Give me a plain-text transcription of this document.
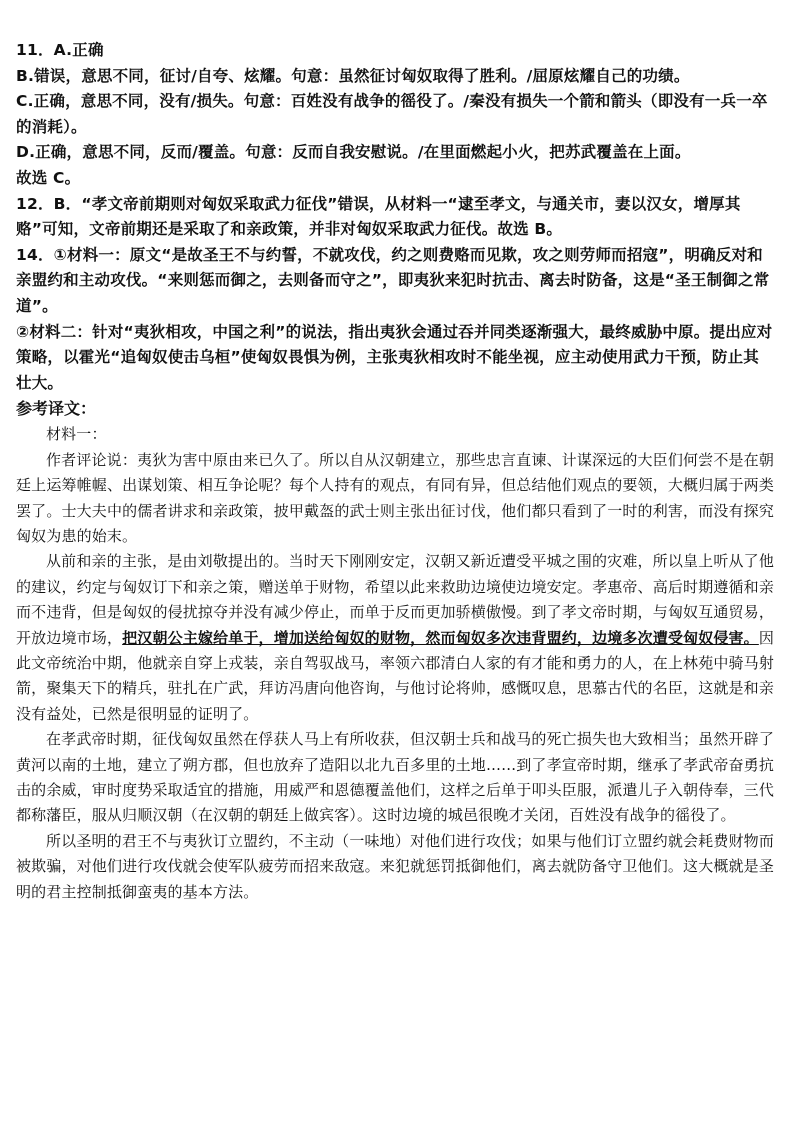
11．A.正确

B.错误，意思不同，征讨/自夸、炫耀。句意：虽然征讨匈奴取得了胜利。/屈原炫耀自己的功绩。

C.正确，意思不同，没有/损失。句意：百姓没有战争的徭役了。/秦没有损失一个箭和箭头（即没有一兵一卒的消耗）。

D.正确，意思不同，反而/覆盖。句意：反而自我安慰说。/在里面燃起小火，把苏武覆盖在上面。

故选 C。

12．B．“孝文帝前期则对匈奴采取武力征伐”错误，从材料一“逮至孝文，与通关市，妻以汉女，增厚其赂”可知，文帝前期还是采取了和亲政策，并非对匈奴采取武力征伐。故选 B。

14．①材料一：原文“是故圣王不与约誓，不就攻伐，约之则费赂而见欺，攻之则劳师而招寇”，明确反对和亲盟约和主动攻伐。“来则惩而御之，去则备而守之”，即夷狄来犯时抗击、离去时防备，这是“圣王制御之常道”。

②材料二：针对“夷狄相攻，中国之利”的说法，指出夷狄会通过吞并同类逐渐强大，最终威胁中原。提出应对策略，以霍光“追匈奴使击乌桓”使匈奴畏惧为例，主张夷狄相攻时不能坐视，应主动使用武力干预，防止其壮大。

参考译文：

材料一：

作者评论说：夷狄为害中原由来已久了。所以自从汉朝建立，那些忠言直谏、计谋深远的大臣们何尝不是在朝廷上运筹帷幄、出谋划策、相互争论呢？每个人持有的观点，有同有异，但总结他们观点的要领，大概归属于两类罢了。士大夫中的儒者讲求和亲政策，披甲戴盔的武士则主张出征讨伐，他们都只看到了一时的利害，而没有探究匈奴为患的始末。

从前和亲的主张，是由刘敬提出的。当时天下刚刚安定，汉朝又新近遭受平城之围的灾难，所以皇上听从了他的建议，约定与匈奴订下和亲之策，赠送单于财物，希望以此来救助边境使边境安定。孝惠帝、高后时期遵循和亲而不违背，但是匈奴的侵扰掠夺并没有减少停止，而单于反而更加骄横傲慢。到了孝文帝时期，与匈奴互通贸易，开放边境市场，把汉朝公主嫁给单于，增加送给匈奴的财物，然而匈奴多次违背盟约，边境多次遭受匈奴侵害。因此文帝统治中期，他就亲自穿上戎装，亲自驾驭战马，率领六郡清白人家的有才能和勇力的人，在上林苑中骑马射箭，聚集天下的精兵，驻扎在广武，拜访冯唐向他咨询，与他讨论将帅，感慨叹息，思慕古代的名臣，这就是和亲没有益处，已然是很明显的证明了。

在孝武帝时期，征伐匈奴虽然在俘获人马上有所收获，但汉朝士兵和战马的死亡损失也大致相当；虽然开辟了黄河以南的土地，建立了朔方郡，但也放弃了造阳以北九百多里的土地……到了孝宣帝时期，继承了孝武帝奋勇抗击的余威，审时度势采取适宜的措施，用威严和恩德覆盖他们，这样之后单于叩头臣服，派遣儿子入朝侍奉，三代都称藩臣，服从归顺汉朝（在汉朝的朝廷上做宾客）。这时边境的城邑很晚才关闭，百姓没有战争的徭役了。

所以圣明的君王不与夷狄订立盟约，不主动（一味地）对他们进行攻伐；如果与他们订立盟约就会耗费财物而被欺骗，对他们进行攻伐就会使军队疲劳而招来敌寇。来犯就惩罚抵御他们，离去就防备守卫他们。这大概就是圣明的君主控制抵御蛮夷的基本方法。
